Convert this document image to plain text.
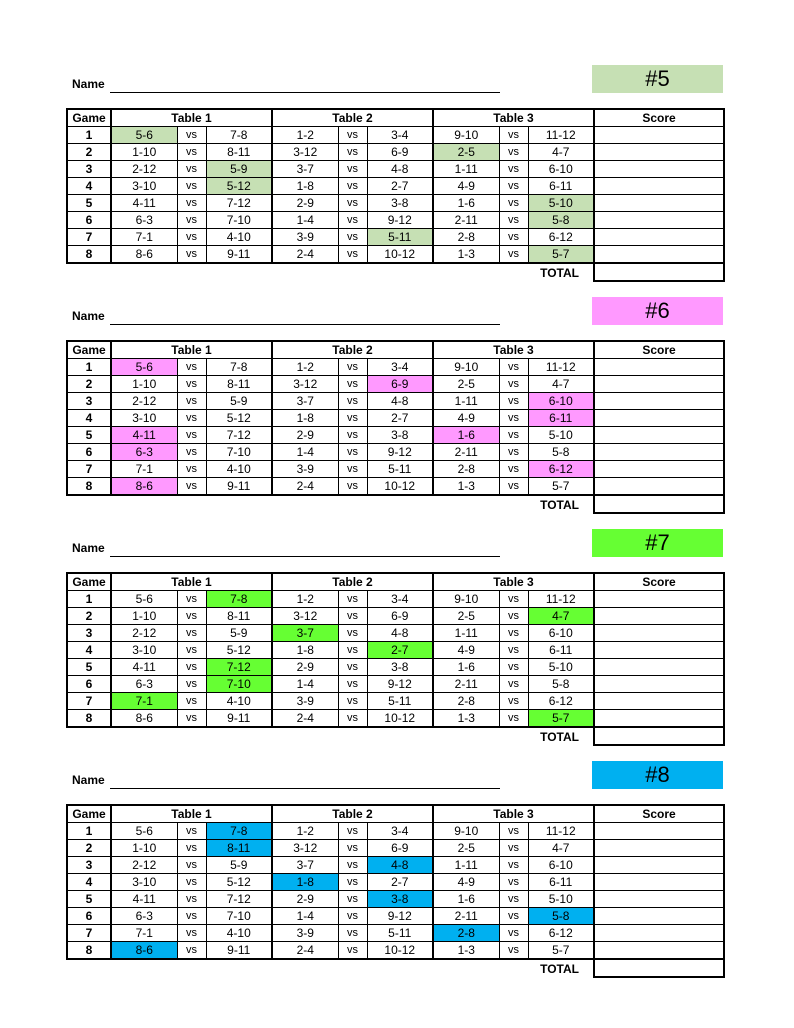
Name	#5
Game	Table 1			Table 2			Table 3			Score
1	5-6	vs	7-8	1-2	vs	3-4	9-10	vs	11-12	
2	1-10	vs	8-11	3-12	vs	6-9	2-5	vs	4-7	
3	2-12	vs	5-9	3-7	vs	4-8	1-11	vs	6-10	
4	3-10	vs	5-12	1-8	vs	2-7	4-9	vs	6-11	
5	4-11	vs	7-12	2-9	vs	3-8	1-6	vs	5-10	
6	6-3	vs	7-10	1-4	vs	9-12	2-11	vs	5-8	
7	7-1	vs	4-10	3-9	vs	5-11	2-8	vs	6-12	
8	8-6	vs	9-11	2-4	vs	10-12	1-3	vs	5-7	
TOTAL										
Name	#6
Game	Table 1			Table 2			Table 3			Score
1	5-6	vs	7-8	1-2	vs	3-4	9-10	vs	11-12	
2	1-10	vs	8-11	3-12	vs	6-9	2-5	vs	4-7	
3	2-12	vs	5-9	3-7	vs	4-8	1-11	vs	6-10	
4	3-10	vs	5-12	1-8	vs	2-7	4-9	vs	6-11	
5	4-11	vs	7-12	2-9	vs	3-8	1-6	vs	5-10	
6	6-3	vs	7-10	1-4	vs	9-12	2-11	vs	5-8	
7	7-1	vs	4-10	3-9	vs	5-11	2-8	vs	6-12	
8	8-6	vs	9-11	2-4	vs	10-12	1-3	vs	5-7	
TOTAL										
Name	#7
Game	Table 1			Table 2			Table 3			Score
1	5-6	vs	7-8	1-2	vs	3-4	9-10	vs	11-12	
2	1-10	vs	8-11	3-12	vs	6-9	2-5	vs	4-7	
3	2-12	vs	5-9	3-7	vs	4-8	1-11	vs	6-10	
4	3-10	vs	5-12	1-8	vs	2-7	4-9	vs	6-11	
5	4-11	vs	7-12	2-9	vs	3-8	1-6	vs	5-10	
6	6-3	vs	7-10	1-4	vs	9-12	2-11	vs	5-8	
7	7-1	vs	4-10	3-9	vs	5-11	2-8	vs	6-12	
8	8-6	vs	9-11	2-4	vs	10-12	1-3	vs	5-7	
TOTAL										
Name	#8
Game	Table 1			Table 2			Table 3			Score
1	5-6	vs	7-8	1-2	vs	3-4	9-10	vs	11-12	
2	1-10	vs	8-11	3-12	vs	6-9	2-5	vs	4-7	
3	2-12	vs	5-9	3-7	vs	4-8	1-11	vs	6-10	
4	3-10	vs	5-12	1-8	vs	2-7	4-9	vs	6-11	
5	4-11	vs	7-12	2-9	vs	3-8	1-6	vs	5-10	
6	6-3	vs	7-10	1-4	vs	9-12	2-11	vs	5-8	
7	7-1	vs	4-10	3-9	vs	5-11	2-8	vs	6-12	
8	8-6	vs	9-11	2-4	vs	10-12	1-3	vs	5-7	
TOTAL										
